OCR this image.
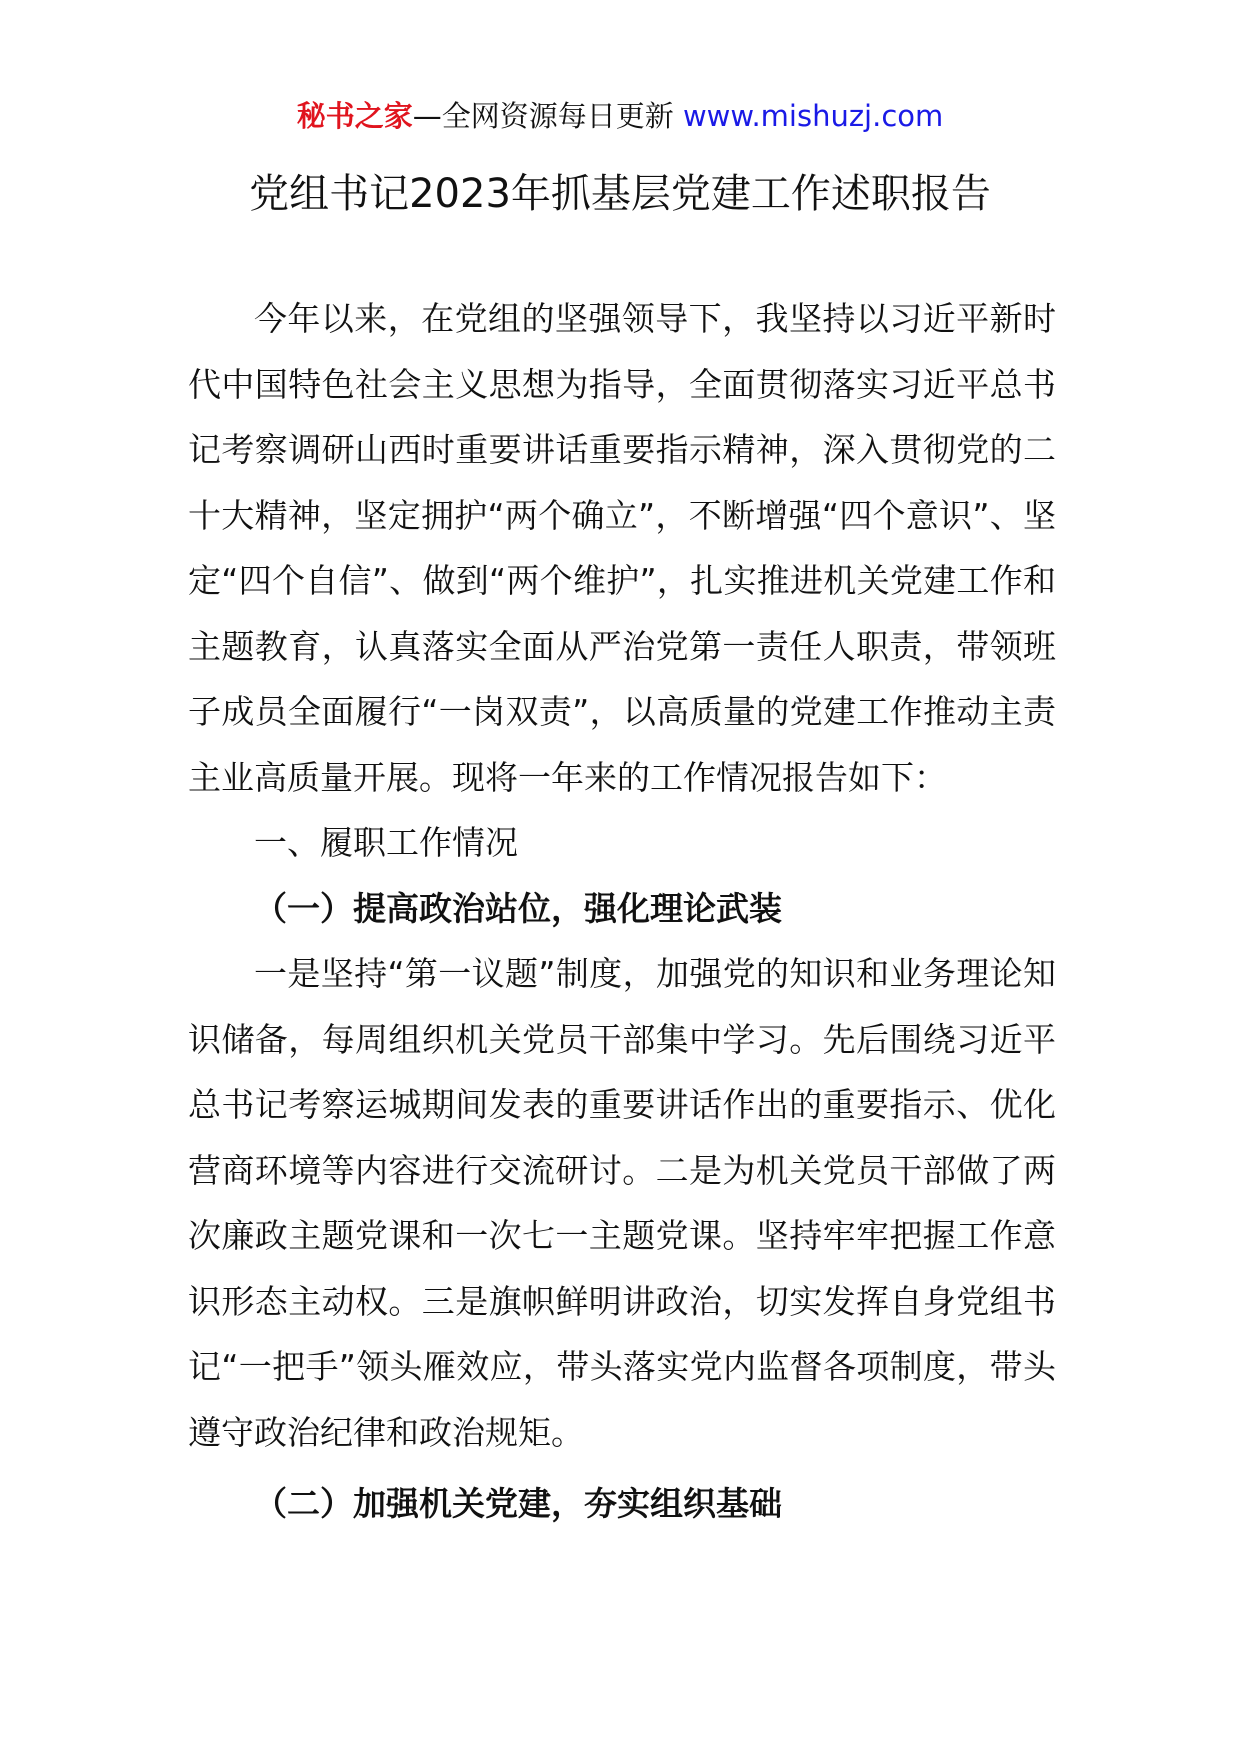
秘书之家—全网资源每日更新 www.mishuzj.com
党组书记2023年抓基层党建工作述职报告

今年以来，在党组的坚强领导下，我坚持以习近平新时代中国特色社会主义思想为指导，全面贯彻落实习近平总书记考察调研山西时重要讲话重要指示精神，深入贯彻党的二十大精神，坚定拥护“两个确立”，不断增强“四个意识”、坚定“四个自信”、做到“两个维护”，扎实推进机关党建工作和主题教育，认真落实全面从严治党第一责任人职责，带领班子成员全面履行“一岗双责”，以高质量的党建工作推动主责主业高质量开展。现将一年来的工作情况报告如下：

一、履职工作情况

（一）提高政治站位，强化理论武装

一是坚持“第一议题”制度，加强党的知识和业务理论知识储备，每周组织机关党员干部集中学习。先后围绕习近平总书记考察运城期间发表的重要讲话作出的重要指示、优化营商环境等内容进行交流研讨。二是为机关党员干部做了两次廉政主题党课和一次七一主题党课。坚持牢牢把握工作意识形态主动权。三是旗帜鲜明讲政治，切实发挥自身党组书记“一把手”领头雁效应，带头落实党内监督各项制度，带头遵守政治纪律和政治规矩。

（二）加强机关党建，夯实组织基础
